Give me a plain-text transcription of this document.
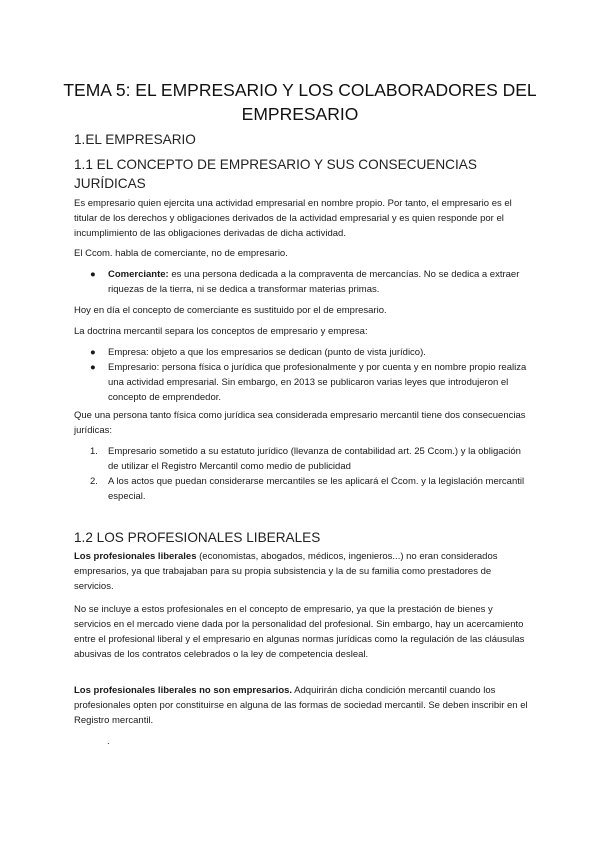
TEMA 5: EL EMPRESARIO Y LOS COLABORADORES DEL EMPRESARIO
1.EL EMPRESARIO
1.1 EL CONCEPTO DE EMPRESARIO Y SUS CONSECUENCIAS JURÍDICAS

Es empresario quien ejercita una actividad empresarial en nombre propio. Por tanto, el empresario es el titular de los derechos y obligaciones derivados de la actividad empresarial y es quien responde por el incumplimiento de las obligaciones derivadas de dicha actividad.

El Ccom. habla de comerciante, no de empresario.

● Comerciante: es una persona dedicada a la compraventa de mercancías. No se dedica a extraer riquezas de la tierra, ni se dedica a transformar materias primas.

Hoy en día el concepto de comerciante es sustituido por el de empresario.

La doctrina mercantil separa los conceptos de empresario y empresa:

● Empresa: objeto a que los empresarios se dedican (punto de vista jurídico).
● Empresario: persona física o jurídica que profesionalmente y por cuenta y en nombre propio realiza una actividad empresarial. Sin embargo, en 2013 se publicaron varias leyes que introdujeron el concepto de emprendedor.

Que una persona tanto física como jurídica sea considerada empresario mercantil tiene dos consecuencias jurídicas:

1. Empresario sometido a su estatuto jurídico (llevanza de contabilidad art. 25 Ccom.) y la obligación de utilizar el Registro Mercantil como medio de publicidad
2. A los actos que puedan considerarse mercantiles se les aplicará el Ccom. y la legislación mercantil especial.
1.2 LOS PROFESIONALES LIBERALES

Los profesionales liberales (economistas, abogados, médicos, ingenieros...) no eran considerados empresarios, ya que trabajaban para su propia subsistencia y la de su familia como prestadores de servicios.

No se incluye a estos profesionales en el concepto de empresario, ya que la prestación de bienes y servicios en el mercado viene dada por la personalidad del profesional. Sin embargo, hay un acercamiento entre el profesional liberal y el empresario en algunas normas jurídicas como la regulación de las cláusulas abusivas de los contratos celebrados o la ley de competencia desleal.

Los profesionales liberales no son empresarios. Adquirirán dicha condición mercantil cuando los profesionales opten por constituirse en alguna de las formas de sociedad mercantil. Se deben inscribir en el Registro mercantil.

.
